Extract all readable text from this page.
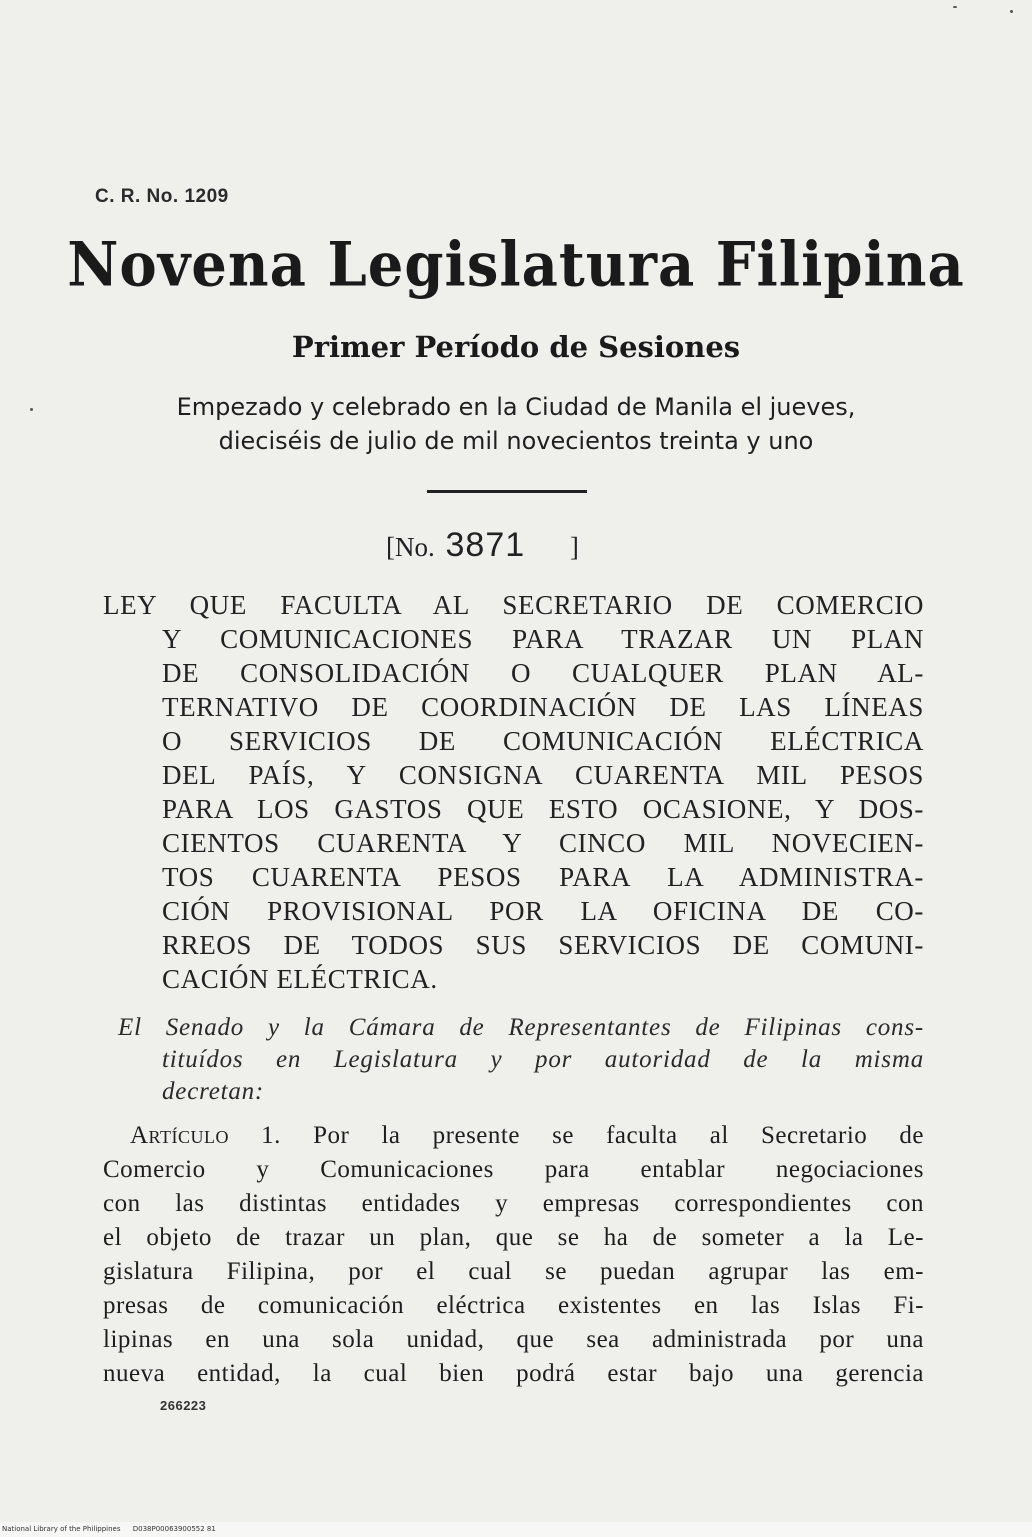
C. R. No. 1209
Novena Legislatura Filipina
Primer Período de Sesiones
Empezado y celebrado en la Ciudad de Manila el jueves,
dieciséis de julio de mil novecientos treinta y uno
[No. 3871 ]
LEY QUE FACULTA AL SECRETARIO DE COMERCIO
Y COMUNICACIONES PARA TRAZAR UN PLAN
DE CONSOLIDACIÓN O CUALQUER PLAN AL-
TERNATIVO DE COORDINACIÓN DE LAS LÍNEAS
O SERVICIOS DE COMUNICACIÓN ELÉCTRICA
DEL PAÍS, Y CONSIGNA CUARENTA MIL PESOS
PARA LOS GASTOS QUE ESTO OCASIONE, Y DOS-
CIENTOS CUARENTA Y CINCO MIL NOVECIEN-
TOS CUARENTA PESOS PARA LA ADMINISTRA-
CIÓN PROVISIONAL POR LA OFICINA DE CO-
RREOS DE TODOS SUS SERVICIOS DE COMUNI-
CACIÓN ELÉCTRICA.
El Senado y la Cámara de Representantes de Filipinas cons-
tituídos en Legislatura y por autoridad de la misma
decretan:
Artículo 1. Por la presente se faculta al Secretario de
Comercio y Comunicaciones para entablar negociaciones
con las distintas entidades y empresas correspondientes con
el objeto de trazar un plan, que se ha de someter a la Le-
gislatura Filipina, por el cual se puedan agrupar las em-
presas de comunicación eléctrica existentes en las Islas Fi-
lipinas en una sola unidad, que sea administrada por una
nueva entidad, la cual bien podrá estar bajo una gerencia
266223
National Library of the Philippines D038P00063900552 81
